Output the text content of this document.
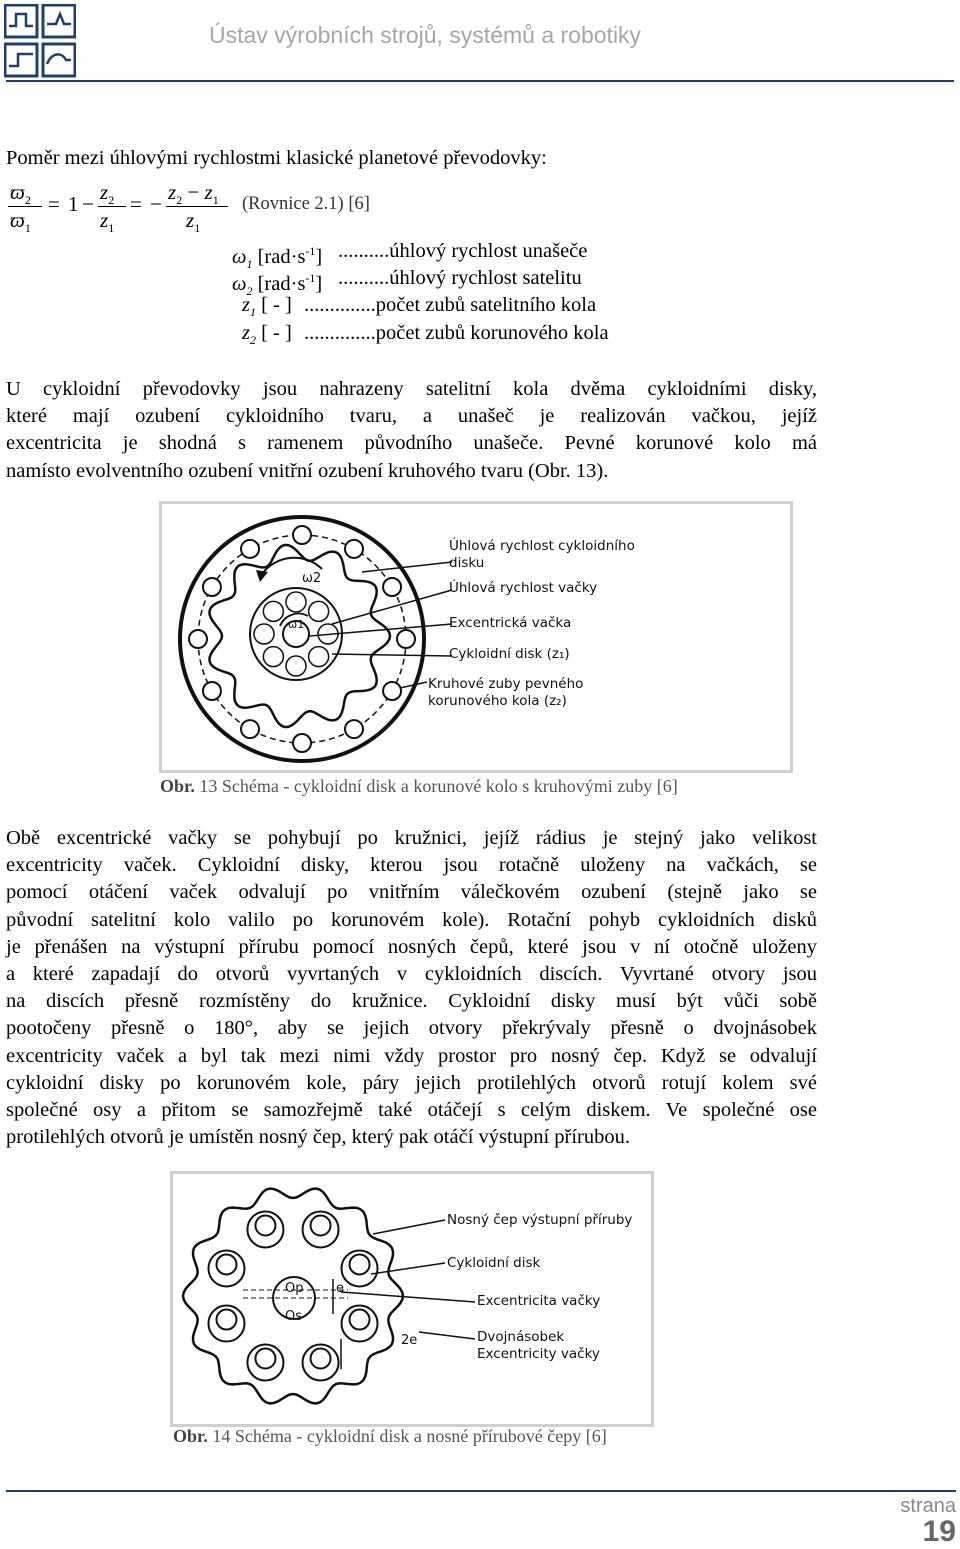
Ústav výrobních strojů, systémů a robotiky
Poměr mezi úhlovými rychlostmi klasické planetové převodovky:
$ϖ_2$
$ϖ_1$
= $1 - z_2$
$z_1$
= − $z_2 - z_1$
$z_1$
(Rovnice 2.1) [6]
$\omega_1$ $[rad\cdot s^{-1}]$ ..........úhlový rychlost unašeče
$\omega_2$ $[rad\cdot s^{-1}]$ ..........úhlový rychlost satelitu
$z_1$ [ - ] ..............počet zubů satelitního kola
$z_2$ [ - ] ..............počet zubů korunového kola
U cykloidní převodovky jsou nahrazeny satelitní kola dvěma cykloidními disky,
které mají ozubení cykloidního tvaru, a unašeč je realizován vačkou, jejíž
excentricita je shodná s ramenem původního unašeče. Pevné korunové kolo má
namísto evolventního ozubení vnitřní ozubení kruhového tvaru (Obr. 13).
ω2
ω1
Úhlová rychlost cykloidního
disku
Úhlová rychlost vačky
Excentrická vačka
Cykloidní disk (z₁)
Kruhové zuby pevného
korunového kola (z₂)
Obr. 13 Schéma - cykloidní disk a korunové kolo s kruhovými zuby [6]
Obě excentrické vačky se pohybují po kružnici, jejíž rádius je stejný jako velikost
excentricity vaček. Cykloidní disky, kterou jsou rotačně uloženy na vačkách, se
pomocí otáčení vaček odvalují po vnitřním válečkovém ozubení (stejně jako se
původní satelitní kolo valilo po korunovém kole). Rotační pohyb cykloidních disků
je přenášen na výstupní přírubu pomocí nosných čepů, které jsou v ní otočně uloženy
a které zapadají do otvorů vyvrtaných v cykloidních discích. Vyvrtané otvory jsou
na discích přesně rozmístěny do kružnice. Cykloidní disky musí být vůči sobě
pootočeny přesně o 180°, aby se jejich otvory překrývaly přesně o dvojnásobek
excentricity vaček a byl tak mezi nimi vždy prostor pro nosný čep. Když se odvalují
cykloidní disky po korunovém kole, páry jejich protilehlých otvorů rotují kolem své
společné osy a přitom se samozřejmě také otáčejí s celým diskem. Ve společné ose
protilehlých otvorů je umístěn nosný čep, který pak otáčí výstupní přírubou.
Op
Os
e
2e
Nosný čep výstupní příruby
Cykloidní disk
Excentricita vačky
Dvojnásobek
Excentricity vačky
Obr. 14 Schéma - cykloidní disk a nosné přírubové čepy [6]
strana
19
